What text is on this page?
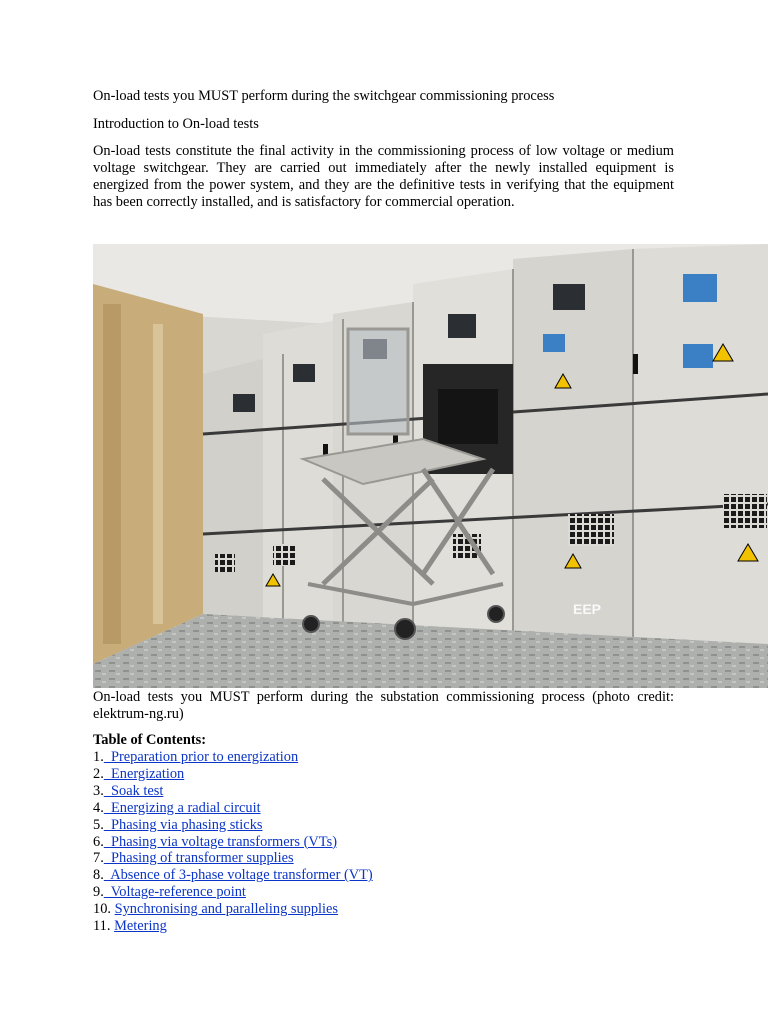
On-load tests you MUST perform during the switchgear commissioning process

Introduction to On-load tests

On-load tests constitute the final activity in the commissioning process of low voltage or medium voltage switchgear. They are carried out immediately after the newly installed equipment is energized from the power system, and they are the definitive tests in verifying that the equipment has been correctly installed, and is satisfactory for commercial operation.

EEP

On-load tests you MUST perform during the substation commissioning process (photo credit: elektrum-ng.ru)

Table of Contents:

1.  Preparation prior to energization
2.  Energization
3.  Soak test
4.  Energizing a radial circuit
5.  Phasing via phasing sticks
6.  Phasing via voltage transformers (VTs)
7.  Phasing of transformer supplies
8.  Absence of 3-phase voltage transformer (VT)
9.  Voltage-reference point
10. Synchronising and paralleling supplies
11. Metering
